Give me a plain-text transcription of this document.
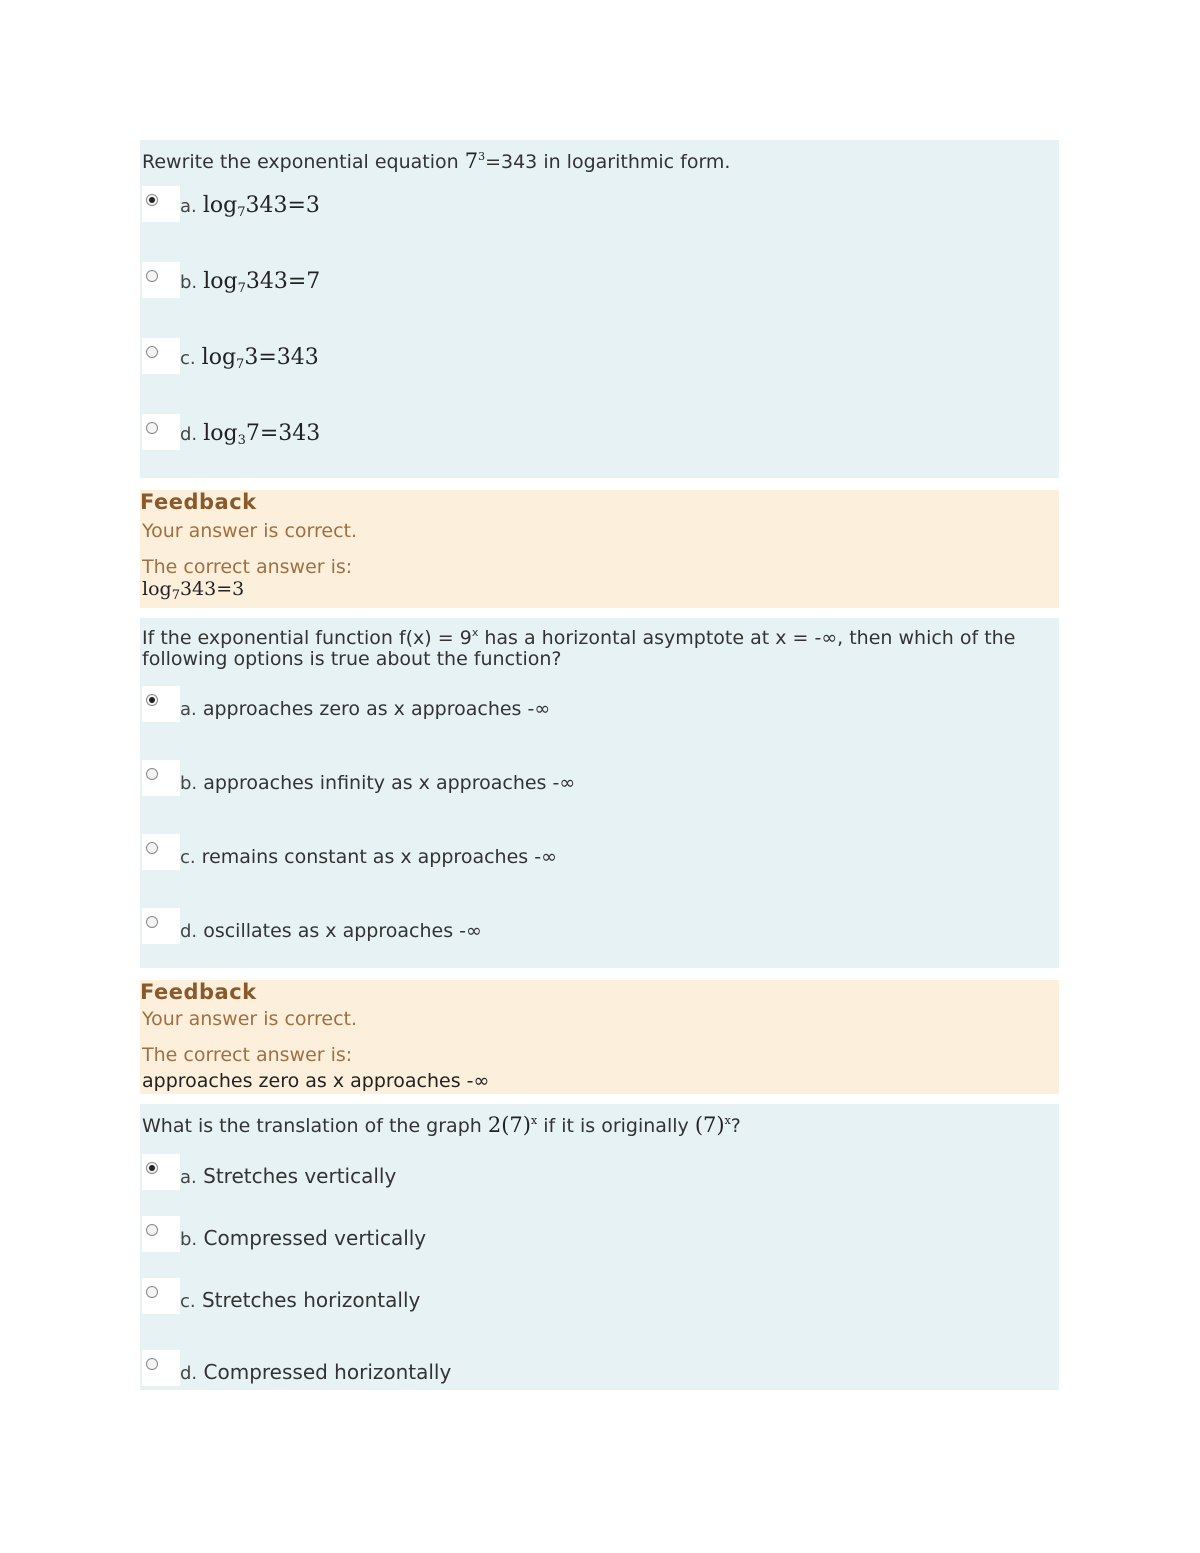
Rewrite the exponential equation $7^3=343$ in logarithmic form.
a. $\log_7343=3$
b. $\log_7343=7$
c. $\log_73=343$
d. $\log_37=343$
Feedback
Your answer is correct.
The correct answer is:
$\log_7343=3$
If the exponential function $f(x) = 9^x$ has a horizontal asymptote at x = -∞, then which of the
following options is true about the function?
a. approaches zero as x approaches -∞
b. approaches infinity as x approaches -∞
c. remains constant as x approaches -∞
d. oscillates as x approaches -∞
Feedback
Your answer is correct.
The correct answer is:
approaches zero as x approaches -∞
What is the translation of the graph $2(7)^x$ if it is originally $(7)^x$?
a. Stretches vertically
b. Compressed vertically
c. Stretches horizontally
d. Compressed horizontally
